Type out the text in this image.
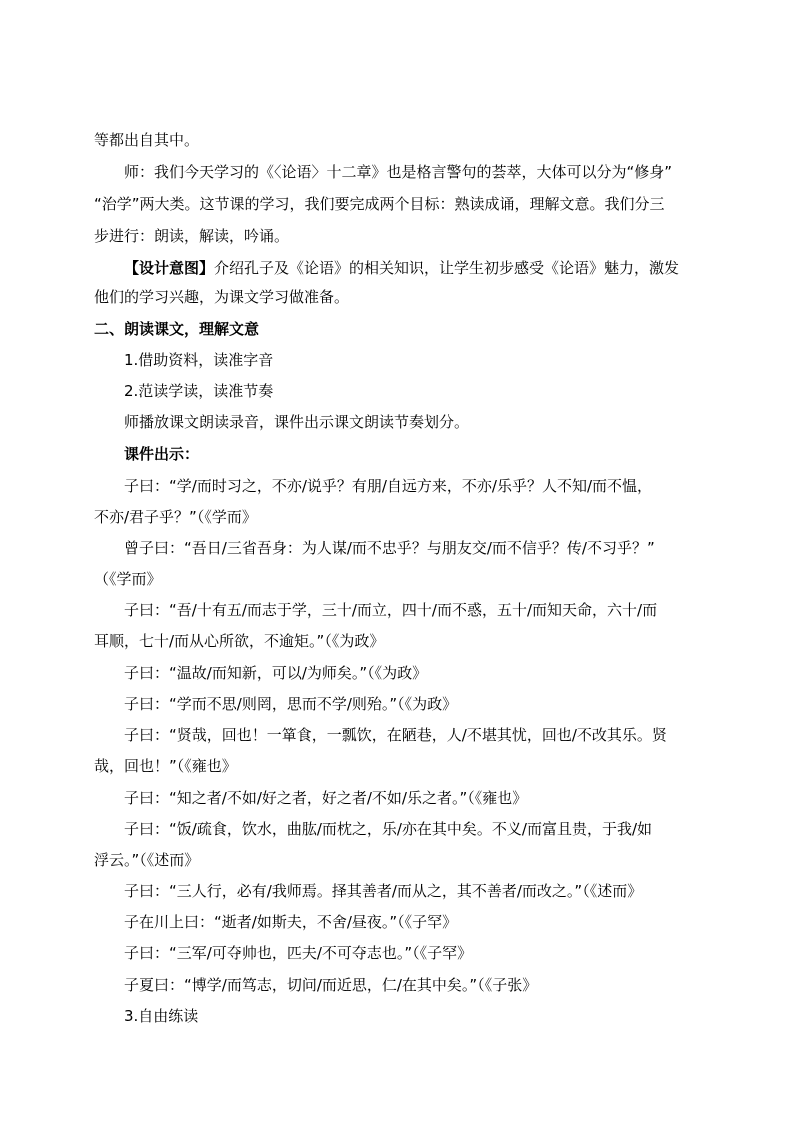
等都出自其中。
师：我们今天学习的《〈论语〉十二章》也是格言警句的荟萃，大体可以分为“修身”
“治学”两大类。这节课的学习，我们要完成两个目标：熟读成诵，理解文意。我们分三
步进行：朗读，解读，吟诵。
【设计意图】介绍孔子及《论语》的相关知识，让学生初步感受《论语》魅力，激发
他们的学习兴趣，为课文学习做准备。
二、朗读课文，理解文意
1.借助资料，读准字音
2.范读学读，读准节奏
师播放课文朗读录音，课件出示课文朗读节奏划分。
课件出示：
子曰：“学/而时习之，不亦/说乎？有朋/自远方来，不亦/乐乎？人不知/而不愠，
不亦/君子乎？”（《学而》
曾子曰：“吾日/三省吾身：为人谋/而不忠乎？与朋友交/而不信乎？传/不习乎？”
（《学而》
子曰：“吾/十有五/而志于学，三十/而立，四十/而不惑，五十/而知天命，六十/而
耳顺，七十/而从心所欲，不逾矩。”（《为政》
子曰：“温故/而知新，可以/为师矣。”（《为政》
子曰：“学而不思/则罔，思而不学/则殆。”（《为政》
子曰：“贤哉，回也！一箪食，一瓢饮，在陋巷，人/不堪其忧，回也/不改其乐。贤
哉，回也！”（《雍也》
子曰：“知之者/不如/好之者，好之者/不如/乐之者。”（《雍也》
子曰：“饭/疏食，饮水，曲肱/而枕之，乐/亦在其中矣。不义/而富且贵，于我/如
浮云。”（《述而》
子曰：“三人行，必有/我师焉。择其善者/而从之，其不善者/而改之。”（《述而》
子在川上曰：“逝者/如斯夫，不舍/昼夜。”（《子罕》
子曰：“三军/可夺帅也，匹夫/不可夺志也。”（《子罕》
子夏曰：“博学/而笃志，切问/而近思，仁/在其中矣。”（《子张》
3.自由练读
